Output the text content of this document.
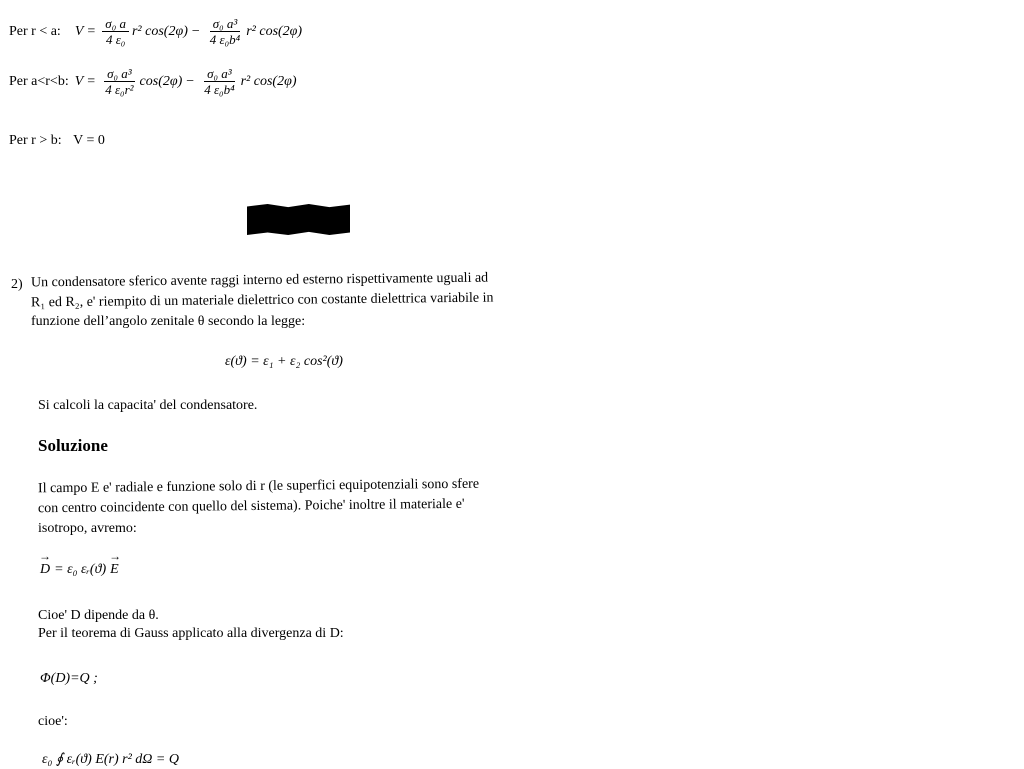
Per r < a: $V = \frac{\text{σ₀ a}}{\text{4 ε₀}} r^2$ $\cos(2\varphi) - \frac{\text{σ₀ a³}}{\text{4 ε₀b⁴}} r^2$ cos(2φ)
Per a<r<b: $V = \frac{\text{σ₀ a³}}{\text{4 ε₀r²}} \cos(2\varphi) - \frac{\text{σ₀ a³}}{\text{4 ε₀b⁴}} r^2$ cos(2φ)
Per r > b: V = 0
2) Un condensatore sferico avente raggi interno ed esterno rispettivamente uguali ad
R₁ ed R₂, e' riempito di un materiale dielettrico con costante dielettrica variabile in
funzione dell’angolo zenitale θ secondo la legge:
ε(ϑ) = ε₁ + ε₂ cos²(ϑ)
Si calcoli la capacita' del condensatore.
Soluzione
Il campo E e' radiale e funzione solo di r (le superfici equipotenziali sono sfere
con centro coincidente con quello del sistema). Poiche' inoltre il materiale e'
isotropo, avremo:
→ D = ε₀ εᵣ(ϑ)
→ E
Cioe' D dipende da θ.
Per il teorema di Gauss applicato alla divergenza di D:
Φ(D)=Q ;
cioe':
ε₀ ∮ εᵣ(ϑ) E(r) r² dΩ = Q
